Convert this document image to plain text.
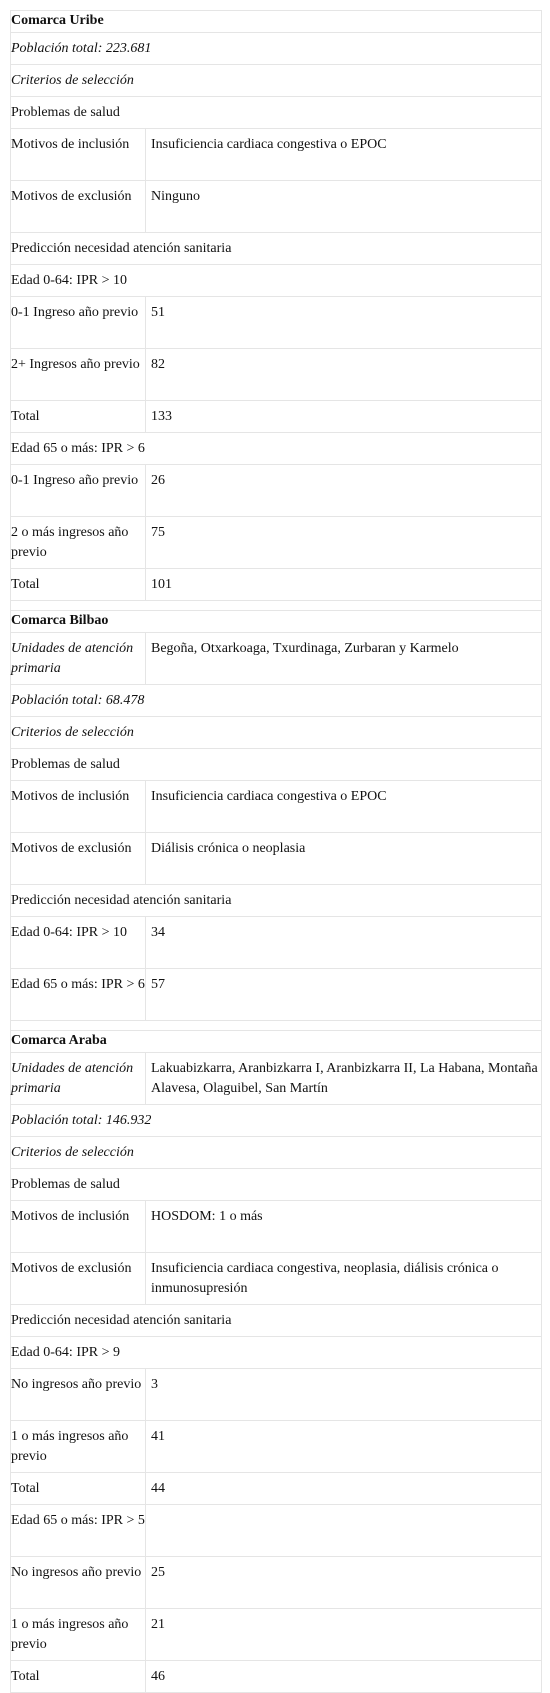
Comarca Uribe	

Población total: 223.681	

Criterios de selección	

Problemas de salud	

Motivos de inclusión	Insuficiencia cardiaca congestiva o EPOC

Motivos de exclusión	Ninguno

Predicción necesidad atención sanitaria	

Edad 0-64: IPR > 10	

0-1 Ingreso año previo	51

2+ Ingresos año previo	82

Total	133

Edad 65 o más: IPR > 6	

0-1 Ingreso año previo	26

2 o más ingresos año previo	75

Total	101

Comarca Bilbao	

Unidades de atención primaria	Begoña, Otxarkoaga, Txurdinaga, Zurbaran y Karmelo

Población total: 68.478	

Criterios de selección	

Problemas de salud	

Motivos de inclusión	Insuficiencia cardiaca congestiva o EPOC

Motivos de exclusión	Diálisis crónica o neoplasia

Predicción necesidad atención sanitaria	

Edad 0-64: IPR > 10	34

Edad 65 o más: IPR > 6	57

Comarca Araba	

Unidades de atención primaria	Lakuabizkarra, Aranbizkarra I, Aranbizkarra II, La Habana, Montaña Alavesa, Olaguibel, San Martín

Población total: 146.932	

Criterios de selección	

Problemas de salud	

Motivos de inclusión	HOSDOM: 1 o más

Motivos de exclusión	Insuficiencia cardiaca congestiva, neoplasia, diálisis crónica o inmunosupresión

Predicción necesidad atención sanitaria	

Edad 0-64: IPR > 9	

No ingresos año previo	3

1 o más ingresos año previo	41

Total	44

Edad 65 o más: IPR > 5	

No ingresos año previo	25

1 o más ingresos año previo	21

Total	46
